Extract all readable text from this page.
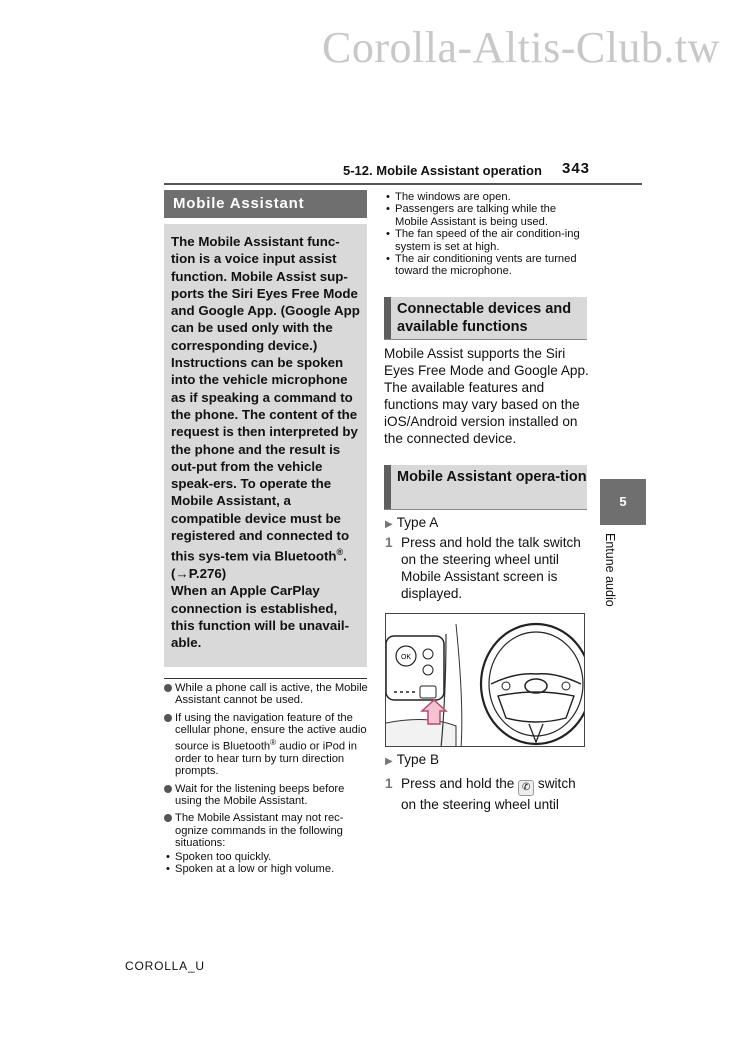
Corolla-Altis-Club.tw
5-12. Mobile Assistant operation 343
Mobile Assistant

The Mobile Assistant func-tion is a voice input assist function. Mobile Assist sup-ports the Siri Eyes Free Mode and Google App. (Google App can be used only with the corresponding device.) Instructions can be spoken into the vehicle microphone as if speaking a command to the phone. The content of the request is then interpreted by the phone and the result is out-put from the vehicle speak-ers. To operate the Mobile Assistant, a compatible device must be registered and connected to this sys-tem via Bluetooth®.

(→P.276)

When an Apple CarPlay connection is established, this function will be unavail-able.

While a phone call is active, the Mobile Assistant cannot be used.
If using the navigation feature of the cellular phone, ensure the active audio source is Bluetooth® audio or iPod in order to hear turn by turn direction prompts.
Wait for the listening beeps before using the Mobile Assistant.
The Mobile Assistant may not rec-ognize commands in the following situations:
• Spoken too quickly.
• Spoken at a low or high volume.
• The windows are open.
• Passengers are talking while the Mobile Assistant is being used.
• The fan speed of the air condition-ing system is set at high.
• The air conditioning vents are turned toward the microphone.
Connectable devices and available functions
Mobile Assist supports the Siri Eyes Free Mode and Google App. The available features and functions may vary based on the iOS/Android version installed on the connected device.
Mobile Assistant opera-tion
▶ Type A
1 Press and hold the talk switch on the steering wheel until Mobile Assistant screen is displayed.
OK
▶ Type B
1 Press and hold the ✆ switch on the steering wheel until
5
Entune audio
COROLLA_U
